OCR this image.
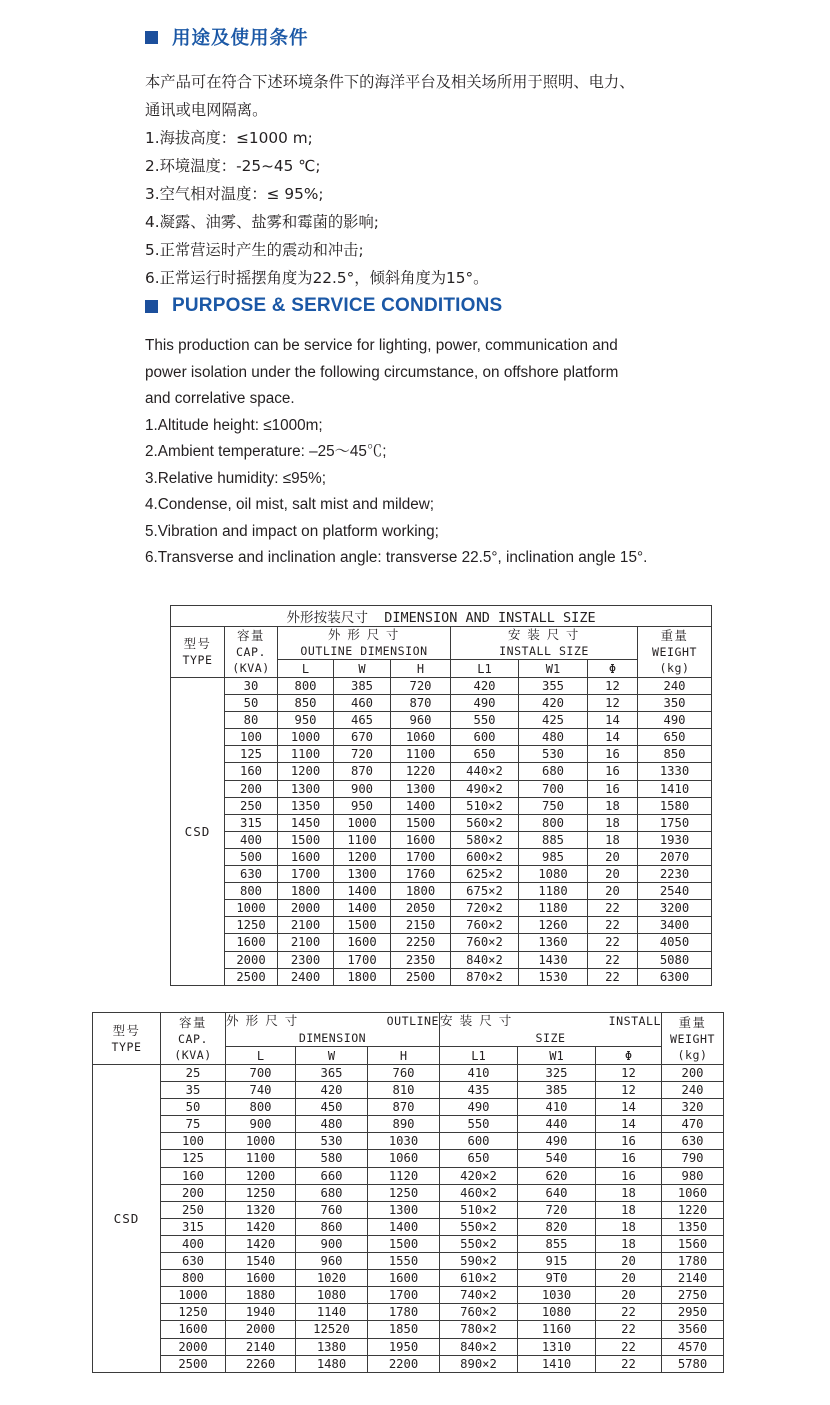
用途及使用条件

本产品可在符合下述环境条件下的海洋平台及相关场所用于照明、电力、

通讯或电网隔离。

1.海拔高度：≤1000 m;

2.环境温度：-25~45 ℃;

3.空气相对温度：≤ 95%;

4.凝露、油雾、盐雾和霉菌的影响;

5.正常营运时产生的震动和冲击;

6.正常运行时摇摆角度为22.5°，倾斜角度为15°。

PURPOSE & SERVICE CONDITIONS

This production can be service for lighting, power, communication and

power isolation under the following circumstance, on offshore platform

and correlative space.

1.Altitude height: ≤1000m;

2.Ambient temperature: –25～45℃;

3.Relative humidity: ≤95%;

4.Condense, oil mist, salt mist and mildew;

5.Vibration and impact on platform working;

6.Transverse and inclination angle: transverse 22.5°, inclination angle 15°.

外形按装尺寸 DIMENSION AND INSTALL SIZE								

型号
TYPE

容量
CAP.
(KVA)

外 形 尺 寸
OUTLINE DIMENSION

安 装 尺 寸
INSTALL SIZE

重量
WEIGHT
(kg)

		L	W	H	L1	W1	Φ	
CSD	30	800	385	720	420	355	12	240
	50	850	460	870	490	420	12	350
	80	950	465	960	550	425	14	490
	100	1000	670	1060	600	480	14	650
	125	1100	720	1100	650	530	16	850
	160	1200	870	1220	440×2	680	16	1330
	200	1300	900	1300	490×2	700	16	1410
	250	1350	950	1400	510×2	750	18	1580
	315	1450	1000	1500	560×2	800	18	1750
	400	1500	1100	1600	580×2	885	18	1930
	500	1600	1200	1700	600×2	985	20	2070
	630	1700	1300	1760	625×2	1080	20	2230
	800	1800	1400	1800	675×2	1180	20	2540
	1000	2000	1400	2050	720×2	1180	22	3200
	1250	2100	1500	2150	760×2	1260	22	3400
	1600	2100	1600	2250	760×2	1360	22	4050
	2000	2300	1700	2350	840×2	1430	22	5080
	2500	2400	1800	2500	870×2	1530	22	6300
型号
TYPE

容量
CAP.
(KVA)

外 形 尺 寸	OUTLINE
DIMENSION

安 装 尺 寸	INSTALL
SIZE

重量
WEIGHT
(kg)

		L	W	H	L1	W1	Φ	
CSD	25	700	365	760	410	325	12	200
	35	740	420	810	435	385	12	240
	50	800	450	870	490	410	14	320
	75	900	480	890	550	440	14	470
	100	1000	530	1030	600	490	16	630
	125	1100	580	1060	650	540	16	790
	160	1200	660	1120	420×2	620	16	980
	200	1250	680	1250	460×2	640	18	1060
	250	1320	760	1300	510×2	720	18	1220
	315	1420	860	1400	550×2	820	18	1350
	400	1420	900	1500	550×2	855	18	1560
	630	1540	960	1550	590×2	915	20	1780
	800	1600	1020	1600	610×2	9T0	20	2140
	1000	1880	1080	1700	740×2	1030	20	2750
	1250	1940	1140	1780	760×2	1080	22	2950
	1600	2000	12520	1850	780×2	1160	22	3560
	2000	2140	1380	1950	840×2	1310	22	4570
	2500	2260	1480	2200	890×2	1410	22	5780
